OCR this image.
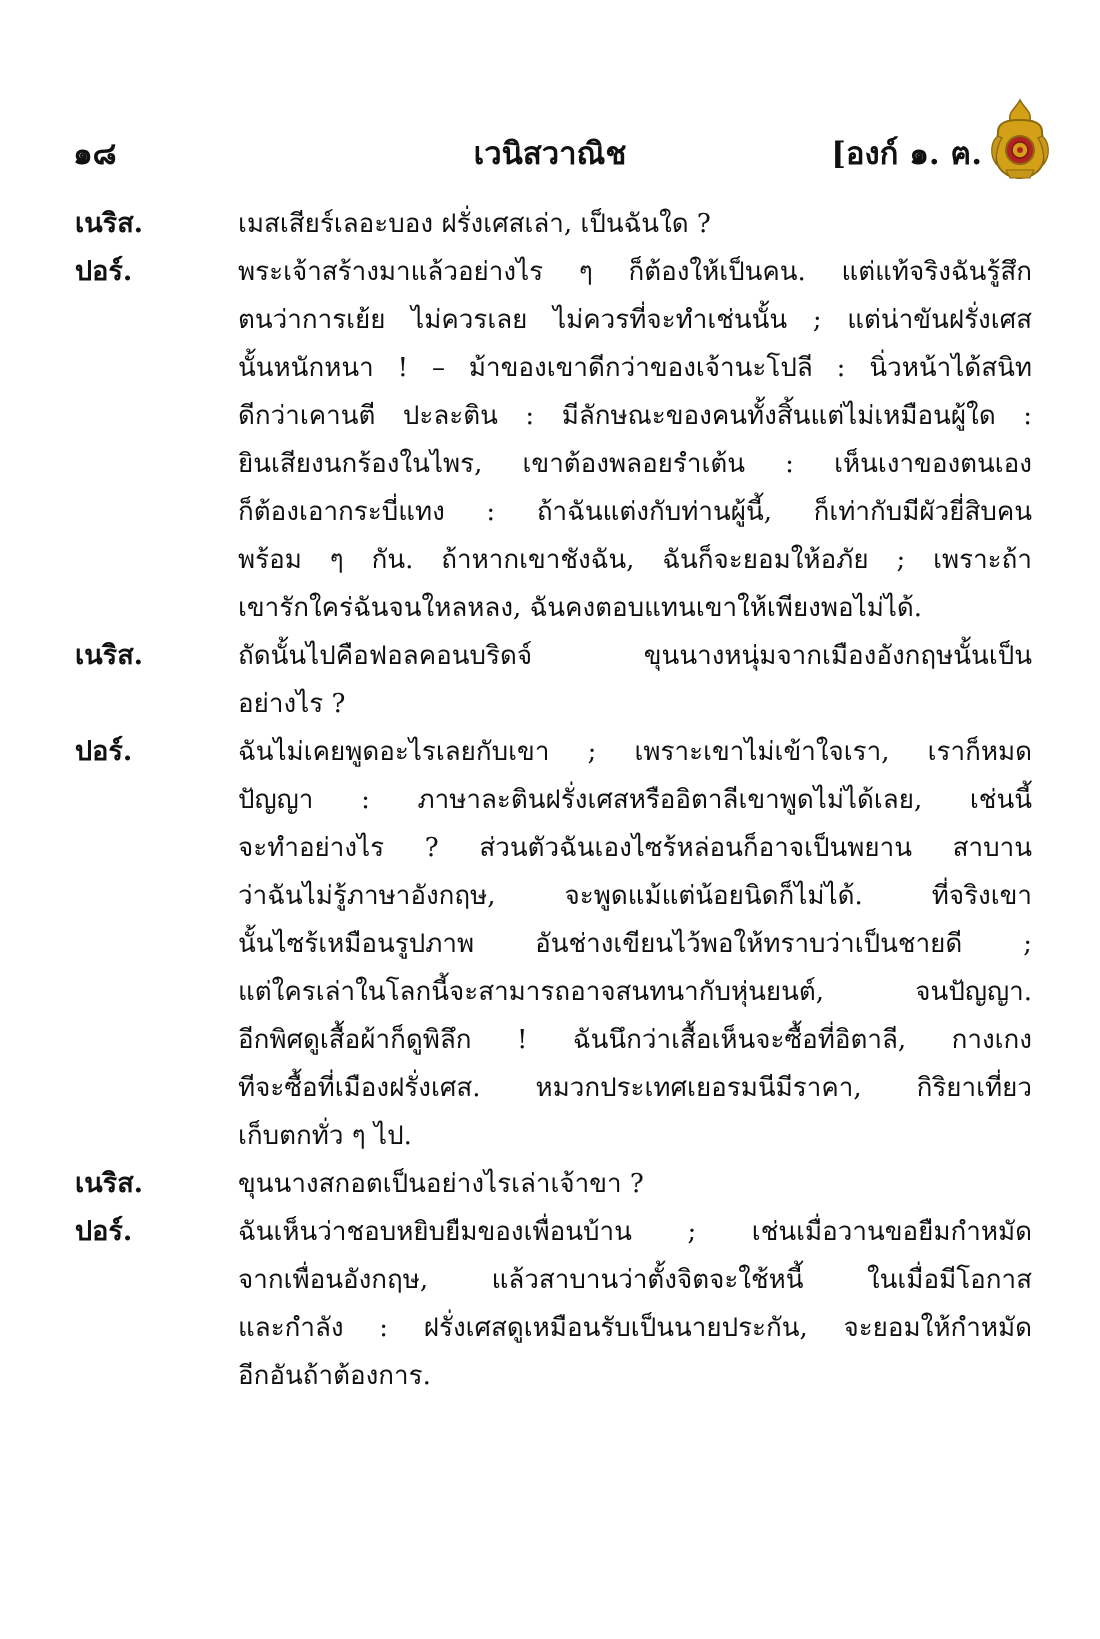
๑๘	เวนิสวาณิช	[องก์ ๑. ฅ.
เนริส.	เมสเสียร์เลอะบอง ฝรั่งเศสเล่า, เป็นฉันใด ?
ปอร์.	พระเจ้าสร้างมาแล้วอย่างไร ๆ ก็ต้องให้เป็นคน. แต่แท้จริงฉันรู้สึก
ตนว่าการเย้ย ไม่ควรเลย ไม่ควรที่จะทำเช่นนั้น ; แต่น่าขันฝรั่งเศส
นั้นหนักหนา ! – ม้าของเขาดีกว่าของเจ้านะโปลี : นิ่วหน้าได้สนิท
ดีกว่าเคานตี ปะละติน : มีลักษณะของคนทั้งสิ้นแต่ไม่เหมือนผู้ใด :
ยินเสียงนกร้องในไพร, เขาต้องพลอยรำเต้น : เห็นเงาของตนเอง
ก็ต้องเอากระบี่แทง : ถ้าฉันแต่งกับท่านผู้นี้, ก็เท่ากับมีผัวยี่สิบคน
พร้อม ๆ กัน. ถ้าหากเขาชังฉัน, ฉันก็จะยอมให้อภัย ; เพราะถ้า
เขารักใคร่ฉันจนใหลหลง, ฉันคงตอบแทนเขาให้เพียงพอไม่ได้.
เนริส.	ถัดนั้นไปคือฟอลคอนบริดจ์ ขุนนางหนุ่มจากเมืองอังกฤษนั้นเป็น
อย่างไร ?
ปอร์.	ฉันไม่เคยพูดอะไรเลยกับเขา ; เพราะเขาไม่เข้าใจเรา, เราก็หมด
ปัญญา : ภาษาละตินฝรั่งเศสหรืออิตาลีเขาพูดไม่ได้เลย, เช่นนี้
จะทำอย่างไร ? ส่วนตัวฉันเองไซร้หล่อนก็อาจเป็นพยาน สาบาน
ว่าฉันไม่รู้ภาษาอังกฤษ, จะพูดแม้แต่น้อยนิดก็ไม่ได้. ที่จริงเขา
นั้นไซร้เหมือนรูปภาพ อันช่างเขียนไว้พอให้ทราบว่าเป็นชายดี ;
แต่ใครเล่าในโลกนี้จะสามารถอาจสนทนากับหุ่นยนต์, จนปัญญา.
อีกพิศดูเสื้อผ้าก็ดูพิลึก ! ฉันนึกว่าเสื้อเห็นจะซื้อที่อิตาลี, กางเกง
ทีจะซื้อที่เมืองฝรั่งเศส. หมวกประเทศเยอรมนีมีราคา, กิริยาเที่ยว
เก็บตกทั่ว ๆ ไป.
เนริส.	ขุนนางสกอตเป็นอย่างไรเล่าเจ้าขา ?
ปอร์.	ฉันเห็นว่าชอบหยิบยืมของเพื่อนบ้าน ; เช่นเมื่อวานขอยืมกำหมัด
จากเพื่อนอังกฤษ, แล้วสาบานว่าตั้งจิตจะใช้หนี้ ในเมื่อมีโอกาส
และกำลัง : ฝรั่งเศสดูเหมือนรับเป็นนายประกัน, จะยอมให้กำหมัด
อีกอันถ้าต้องการ.
